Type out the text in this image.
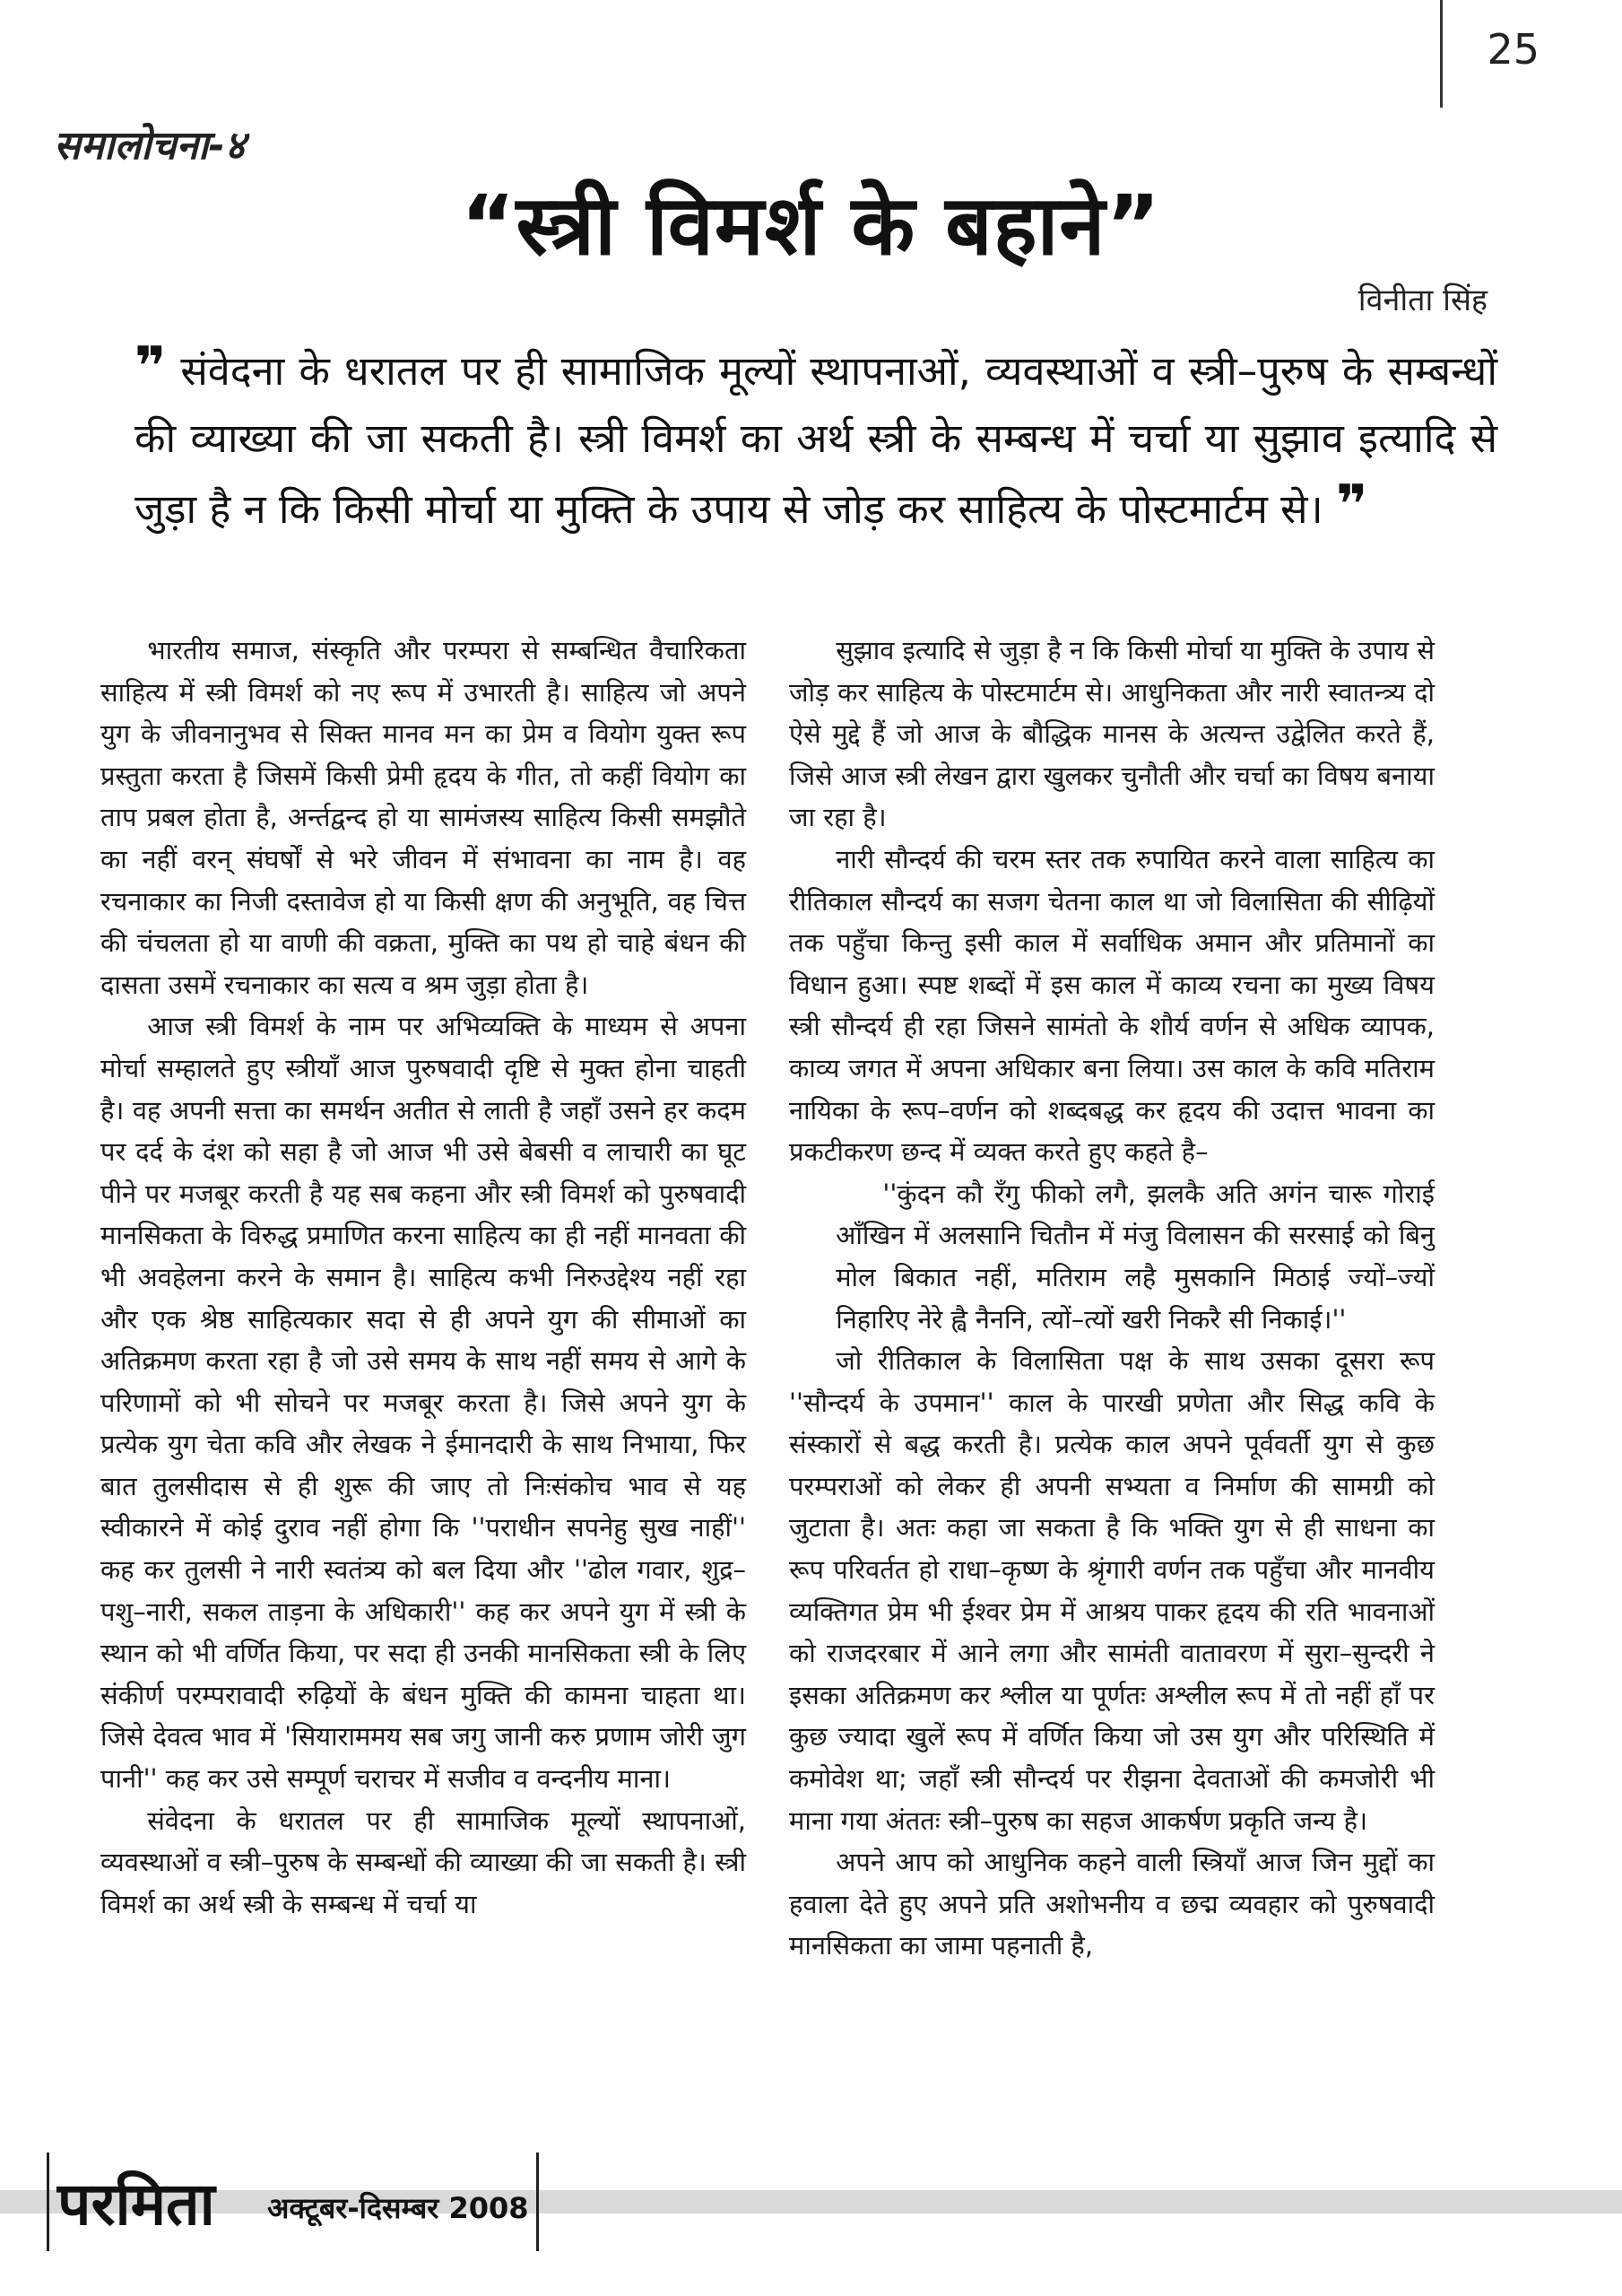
25
समालोचना-४
“स्त्री विमर्श के बहाने”
विनीता सिंह
❞ संवेदना के धरातल पर ही सामाजिक मूल्यों स्थापनाओं, व्यवस्थाओं व स्त्री–पुरुष के सम्बन्धों की व्याख्या की जा सकती है। स्त्री विमर्श का अर्थ स्त्री के सम्बन्ध में चर्चा या सुझाव इत्यादि से जुड़ा है न कि किसी मोर्चा या मुक्ति के उपाय से जोड़ कर साहित्य के पोस्टमार्टम से। ❞

भारतीय समाज, संस्कृति और परम्परा से सम्बन्धित वैचारिकता साहित्य में स्त्री विमर्श को नए रूप में उभारती है। साहित्य जो अपने युग के जीवनानुभव से सिक्त मानव मन का प्रेम व वियोग युक्त रूप प्रस्तुता करता है जिसमें किसी प्रेमी हृदय के गीत, तो कहीं वियोग का ताप प्रबल होता है, अर्न्तद्वन्द हो या सामंजस्य साहित्य किसी समझौते का नहीं वरन् संघर्षों से भरे जीवन में संभावना का नाम है। वह रचनाकार का निजी दस्तावेज हो या किसी क्षण की अनुभूति, वह चित्त की चंचलता हो या वाणी की वक्रता, मुक्ति का पथ हो चाहे बंधन की दासता उसमें रचनाकार का सत्य व श्रम जुड़ा होता है।

आज स्त्री विमर्श के नाम पर अभिव्यक्ति के माध्यम से अपना मोर्चा सम्हालते हुए स्त्रीयाँ आज पुरुषवादी दृष्टि से मुक्त होना चाहती है। वह अपनी सत्ता का समर्थन अतीत से लाती है जहाँ उसने हर कदम पर दर्द के दंश को सहा है जो आज भी उसे बेबसी व लाचारी का घूट पीने पर मजबूर करती है यह सब कहना और स्त्री विमर्श को पुरुषवादी मानसिकता के विरुद्ध प्रमाणित करना साहित्य का ही नहीं मानवता की भी अवहेलना करने के समान है। साहित्य कभी निरुउद्देश्य नहीं रहा और एक श्रेष्ठ साहित्यकार सदा से ही अपने युग की सीमाओं का अतिक्रमण करता रहा है जो उसे समय के साथ नहीं समय से आगे के परिणामों को भी सोचने पर मजबूर करता है। जिसे अपने युग के प्रत्येक युग चेता कवि और लेखक ने ईमानदारी के साथ निभाया, फिर बात तुलसीदास से ही शुरू की जाए तो निःसंकोच भाव से यह स्वीकारने में कोई दुराव नहीं होगा कि ''पराधीन सपनेहु सुख नाहीं'' कह कर तुलसी ने नारी स्वतंत्र्य को बल दिया और ''ढोल गवार, शुद्र–पशु–नारी, सकल ताड़ना के अधिकारी'' कह कर अपने युग में स्त्री के स्थान को भी वर्णित किया, पर सदा ही उनकी मानसिकता स्त्री के लिए संकीर्ण परम्परावादी रुढ़ियों के बंधन मुक्ति की कामना चाहता था। जिसे देवत्व भाव में 'सियाराममय सब जगु जानी करु प्रणाम जोरी जुग पानी'' कह कर उसे सम्पूर्ण चराचर में सजीव व वन्दनीय माना।

संवेदना के धरातल पर ही सामाजिक मूल्यों स्थापनाओं, व्यवस्थाओं व स्त्री–पुरुष के सम्बन्धों की व्याख्या की जा सकती है। स्त्री विमर्श का अर्थ स्त्री के सम्बन्ध में चर्चा या

सुझाव इत्यादि से जुड़ा है न कि किसी मोर्चा या मुक्ति के उपाय से जोड़ कर साहित्य के पोस्टमार्टम से। आधुनिकता और नारी स्वातन्त्र्य दो ऐसे मुद्दे हैं जो आज के बौद्धिक मानस के अत्यन्त उद्वेलित करते हैं, जिसे आज स्त्री लेखन द्वारा खुलकर चुनौती और चर्चा का विषय बनाया जा रहा है।

नारी सौन्दर्य की चरम स्तर तक रुपायित करने वाला साहित्य का रीतिकाल सौन्दर्य का सजग चेतना काल था जो विलासिता की सीढ़ियों तक पहुँचा किन्तु इसी काल में सर्वाधिक अमान और प्रतिमानों का विधान हुआ। स्पष्ट शब्दों में इस काल में काव्य रचना का मुख्य विषय स्त्री सौन्दर्य ही रहा जिसने सामंतो के शौर्य वर्णन से अधिक व्यापक, काव्य जगत में अपना अधिकार बना लिया। उस काल के कवि मतिराम नायिका के रूप–वर्णन को शब्दबद्ध कर हृदय की उदात्त भावना का प्रकटीकरण छन्द में व्यक्त करते हुए कहते है–

''कुंदन कौ रँगु फीको लगै, झलकै अति अगंन चारू गोराई आँखिन में अलसानि चितौन में मंजु विलासन की सरसाई को बिनु मोल बिकात नहीं, मतिराम लहै मुसकानि मिठाई ज्यों–ज्यों निहारिए नेरे ह्वै नैननि, त्यों–त्यों खरी निकरै सी निकाई।''

जो रीतिकाल के विलासिता पक्ष के साथ उसका दूसरा रूप ''सौन्दर्य के उपमान'' काल के पारखी प्रणेता और सिद्ध कवि के संस्कारों से बद्ध करती है। प्रत्येक काल अपने पूर्ववर्ती युग से कुछ परम्पराओं को लेकर ही अपनी सभ्यता व निर्माण की सामग्री को जुटाता है। अतः कहा जा सकता है कि भक्ति युग से ही साधना का रूप परिवर्तत हो राधा–कृष्ण के श्रृंगारी वर्णन तक पहुँचा और मानवीय व्यक्तिगत प्रेम भी ईश्वर प्रेम में आश्रय पाकर हृदय की रति भावनाओं को राजदरबार में आने लगा और सामंती वातावरण में सुरा–सुन्दरी ने इसका अतिक्रमण कर श्लील या पूर्णतः अश्लील रूप में तो नहीं हाँ पर कुछ ज्यादा खुलें रूप में वर्णित किया जो उस युग और परिस्थिति में कमोवेश था; जहाँ स्त्री सौन्दर्य पर रीझना देवताओं की कमजोरी भी माना गया अंततः स्त्री–पुरुष का सहज आकर्षण प्रकृति जन्य है।

अपने आप को आधुनिक कहने वाली स्त्रियाँ आज जिन मुद्दों का हवाला देते हुए अपने प्रति अशोभनीय व छद्म व्यवहार को पुरुषवादी मानसिकता का जामा पहनाती है,

परमिता अक्टूबर-दिसम्बर 2008
